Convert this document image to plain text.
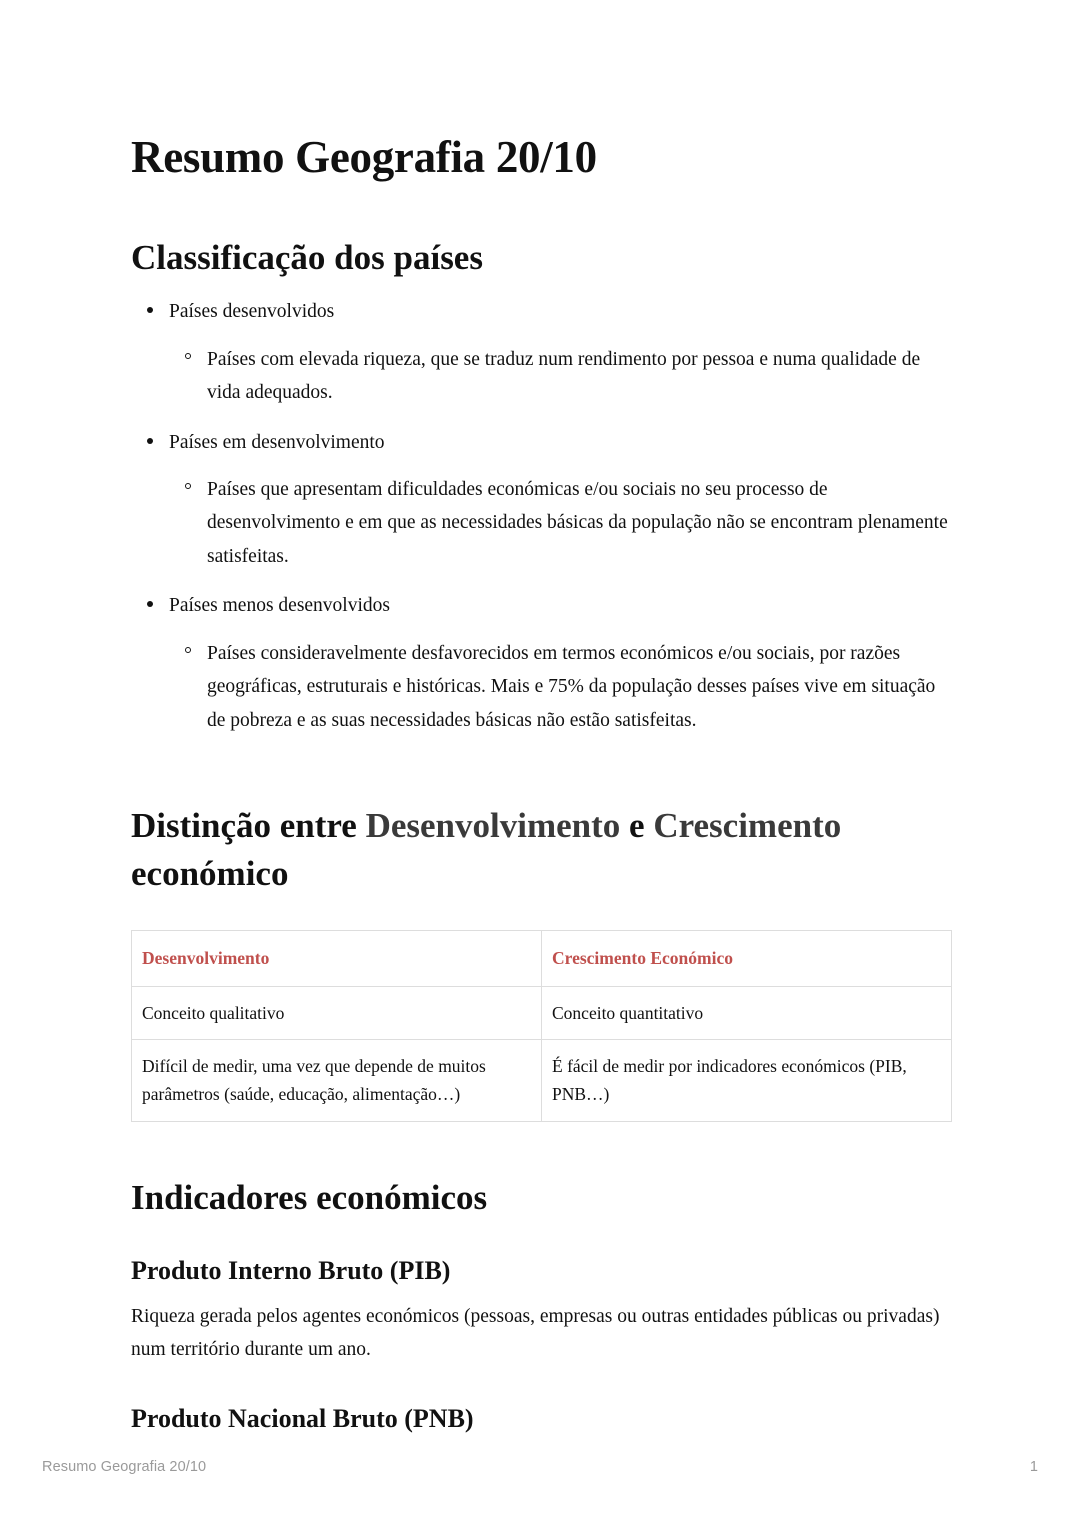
Resumo Geografia 20/10
Classificação dos países
Países desenvolvidos
Países com elevada riqueza, que se traduz num rendimento por pessoa e numa qualidade de vida adequados.
Países em desenvolvimento
Países que apresentam dificuldades económicas e/ou sociais no seu processo de desenvolvimento e em que as necessidades básicas da população não se encontram plenamente satisfeitas.
Países menos desenvolvidos
Países consideravelmente desfavorecidos em termos económicos e/ou sociais, por razões geográficas, estruturais e históricas. Mais e 75% da população desses países vive em situação de pobreza e as suas necessidades básicas não estão satisfeitas.
Distinção entre Desenvolvimento e Crescimento económico
Desenvolvimento	Crescimento Económico
Conceito qualitativo	Conceito quantitativo
Difícil de medir, uma vez que depende de muitos parâmetros (saúde, educação, alimentação…)	É fácil de medir por indicadores económicos (PIB, PNB…)
Indicadores económicos
Produto Interno Bruto (PIB)

Riqueza gerada pelos agentes económicos (pessoas, empresas ou outras entidades públicas ou privadas) num território durante um ano.

Produto Nacional Bruto (PNB)
Resumo Geografia 20/10	1
